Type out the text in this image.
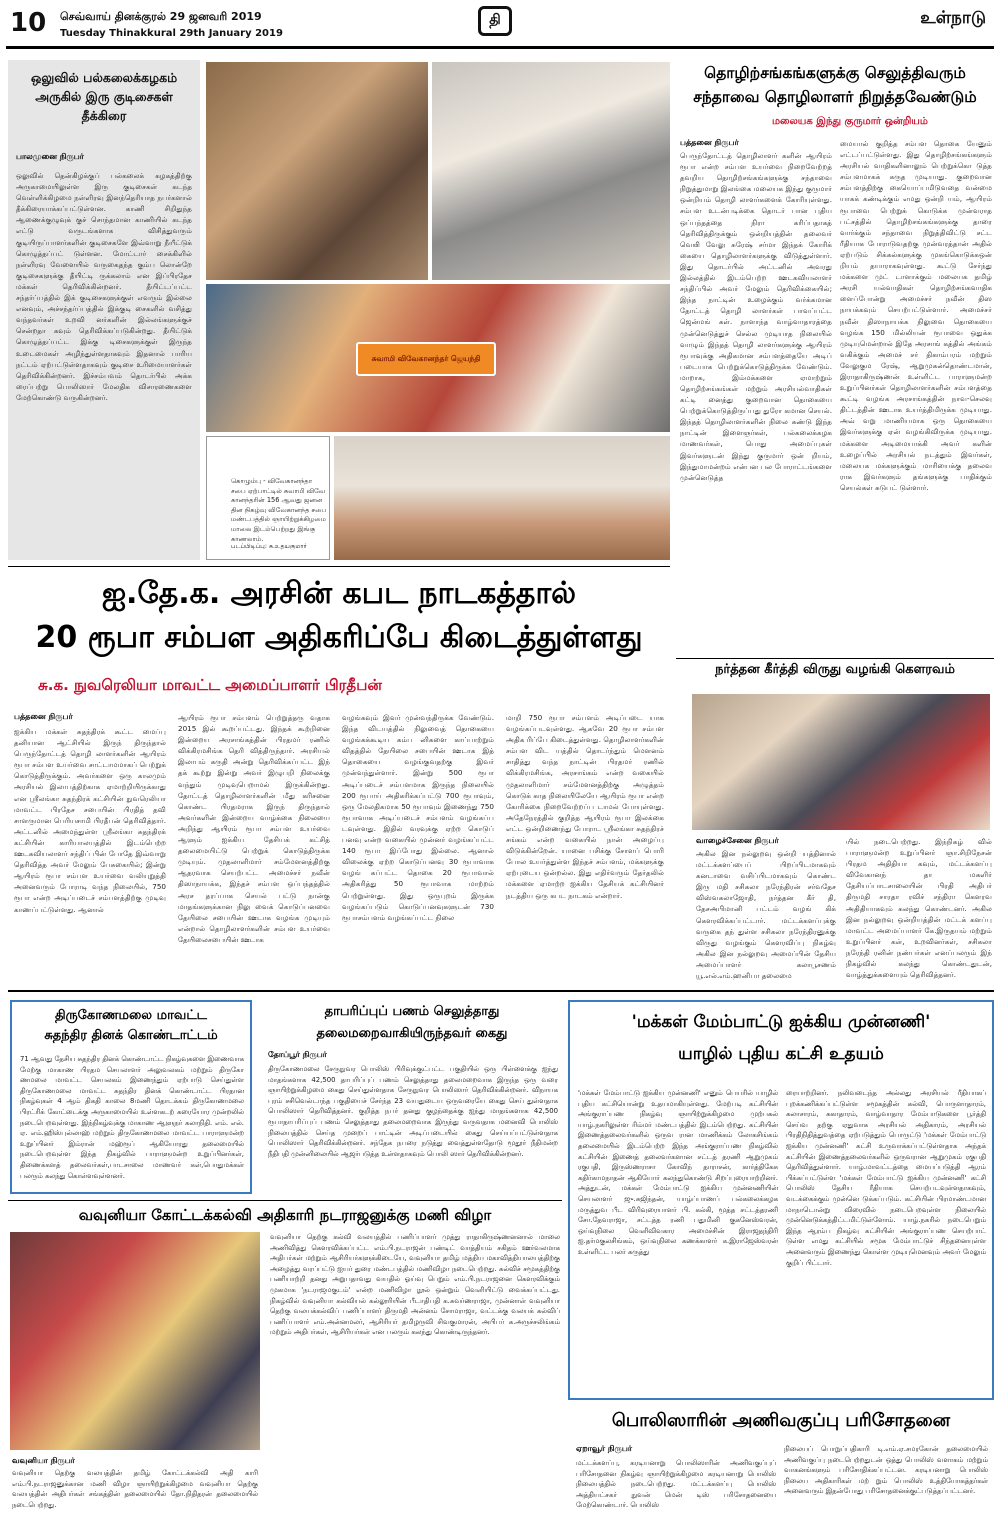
10 செவ்வாய் தினக்குரல் 29 ஜனவரி 2019
Tuesday Thinakkural 29th January 2019
தி	உள்நாடு
ஒலுவில் பல்கலைக்கழகம் அருகில் இரு குடிசைகள் தீக்கிரை
பாலமுனை நிருபர்
ஒலுவில் தென்கிழக்குப் பல்கலைக் கழகத்திற்கு அருகாமையிலுள்ள இரு குடிசைகள் கடந்த வெள்ளிக்கிழமை நள்ளிரவு இனந்தெரியாத நபர்களால் தீக்கிரையாக்கப்பட்டுள்ளன. காணி சிறிதுந்த ஆணைக்குழுவுக் குச் சொந்தமான காணியில் கடந்த எட்டு வருடங்களாக விசித்துவரும் குடியிருப்பாளர்களின் குடிசைகளே இவ்வாறு நீயீட்டுக் கொழுத்தப்பட் டுள்ளன. மோட்டார் சைக்கிளில் நள்ளிரவு வேளையில் வருகைதந்த கும்ப லொன்றே குடிசைகளுக்கு தீயிட்டி ருக்கலாம் என இப்பிரதேச மக்கள் தெரிவிக்கின்றனர். தீயிட்டப்பட்ட சந்தர்ப்பத்தில் இக் குடிசைகளுக்குள் எவரும் இல்லை எனவும், அச்சந்தர்ப்பத்தில் இக்குடி சைகளில் வசித்து வந்தவர்கள் உறவி னர்களின் இல்லங்களுக்குச் சென்றதா கவும் தெரிவிக்கப்படுகின்றது. தீயிட்டுக் கொழுத்தப்பட்ட இக்கு டிசைகளுக்குள் இருந்த உடைமைகள் அழிந்துள்ளதாகவும் இதனால் பாரிய நட்டம் ஏற்பட்டுள்ளதாகவும் குடிசை உரிமையாளர்கள் தெரிவிக்கின்றனர். இச்சம்பவம் தொடர்பில் அக்க ரைப்பற்று பொலிஸார் மேலதிக விசாரணைகளை மேற்கொண்டு வருகின்றனர்.
சுவாமி விவேகானந்தர் ஜெயந்தி
கொழும்பு - விவேகானந்தா சபை ஏற்பாட்டில் சுவாமி விவே கானந்தரின் 156 ஆவது ஜனன தின நிகழ்வு விவேகானந்த சபை மண்டபத்தில் ஞாயிற்றுக்கிழமை மாலை இடம்பெற்றது இங்கு காணலாம்.
படப்பிடிப்பு: சு.உதயகுமார்
தொழிற்சங்கங்களுக்கு செலுத்திவரும்
சந்தாவை தொழிலாளர் நிறுத்தவேண்டும்
மலையக இந்து குருமார் ஒன்றியம்
பத்தனை நிருபர்
பெருந்தோட்டத் தொழிலாளர் களின் ஆயிரம் ரூபா என்ற சம்பள உயர்வை நிறைவேற்றத் தவறிய தொழிற்சங்கங்களுக்கு சந்தாவை நிறுத்துமாறு இலங்கை மலையக இந்து குருமார் ஒன்றியம் தொழி லாளர்களைக் கோரியுள்ளது. சம்பள உடன்படிக்கை தொடர் பான புதிய ஒப்பந்தத்தை நிரா கரிப்பதாகத் தெரிவித்திருக்கும் ஒன்றியத்தின் தலைவர் வெஙி வேலு சுரேஷ் சர்மா இந்தக் கோரிக் கையை தொழிலாளர்களுக்கு விடுத்துள்ளார். இது தொடர்பில் அட்டனில் அவரது இல்லத்தில் இடம்பெற்ற ஊடகவியலாளர் சந்திப்பில் அவர் மேலும் தெரிவிக்கையில்; இந்த நாட்டின் உழைக்கும் வர்க்கமான தோட்டத் தொழி லாளர்கள் பாவப்பட்ட ஜென்மங் கள். நாளாந்த வாழ்வாதாரத்தை முன்னெடுத்துச் செல்ல முடியாத நிலையில் வாழும் இந்தத் தொழி லாளர்களுக்கு ஆயிரம் ரூபாவுக்கு அதிகமான சம்பளத்தையே அடிப் படையாக பெற்றுக்கொடுத்திருக்க வேண்டும். மாறாக, இம்மக்களை ஏமாற்றும் தொழிற்சங்கங்கள் மற்றும் அரசியல்வாதிகள் கட்டி னைத்து குறைவான தொகையை பெற்றுக்கொடுத்திருப்பது துரோ கமான செயல். இந்தத் தொழிலாளர்களின் நிலை கண்டு இந்த நாட்டின் இளைஞர்கள், பல்கலைக்கழக மாணவர்கள், பொது அமைப்புகள் இவர்களுடன் இந்து குருமார் ஒன் றியம், இந்துமாமன்றம் என்பன பல போராட்டங்களை முன்னெடுத்த
மையால் குறித்த சம்பள தொகை யேனும் எட்டப்பட்டுள்ளது. இது தொழிற்சங்கங்களும் அரசியல் வாதிகளினாலும் பெற்றுக்கொ டுத்த சம்பளமாகக் கருத முடியாது. குறைவான சம்பளத்திற்கு கையொப்பமிடுவதை வன்மை யாகக் கண்டிக்கும் எமது ஒன்றி யம், ஆயிரம் ரூபாவை பெற்றுக் கொடுக்க முன்வராத பட்சத்தில் தொழிற்சங்கங்களுக்கு தாரை வார்க்கும் சந்தாவை நிறுத்திவிட்டு சட்ட ரீதியாக போராடுவதற்கு முன்வரத்தான் அதில் ஏற்படும் சிக்கல்களுக்கு முகங்கொடுக்கஒன் றியம் தயாராகவுள்ளது. கூட்டு சேர்ந்து மக்களை முட் டாளாக்கும் மலையக தமிழ் அரசி யல்வாதிகள் தொழிற்சங்கவாதிக ளைப்போன்று அமைச்சர் நவீன் திஸ நாயக்கவும் செயற்பட்டுள்ளார். அமைச்சர் நவீன் திஸாநாயக்க நிலுவை தொகையை வழங்க 150 மில்லியன் ரூபாவை ஒதுக்க முடியுமென்றால் இதே அரசாங் கத்தில் அங்கம் வகிக்கும் அமைச் சர் திகாம்பரம் மற்றும் வேலுகும ரேஷ், ஆறுமுகன்தொண்டமான், இராதாகிருஷ்ணன் உள்ளிட்ட பாராளுமன்ற உறுப்பினர்கள் தொழிலாளர்களின் சம்பளத்தை கூட்டி வழங்க அரசாங்கத்தின் நாவ-செலவு திட்டத்தின் ஊடாக உயர்த்திமிருக்க முடியாது. அவ் வறு மாணியமாக ஒரு தொகையை இவர்களுக்கு ஏன் வழங்கிவிருக்க முடியாது. மக்களை அடிமையாக்கி அவர் களின் உழைப்பில் அரசியல் நடத்தும் இவர்கள், மலையக மக்களுக்கும் மாரியைக்கு தலைவ ராக இவர்களும் தங்களுக்கு பாதிக்கும் செயல்கள் சுடுபட் டுள்ளார்.
ஐ.தே.க. அரசின் கபட நாடகத்தால்
20 ரூபா சம்பள அதிகரிப்பே கிடைத்துள்ளது
சு.க. நுவரெலியா மாவட்ட அமைப்பாளர் பிரதீபன்
பத்தனை நிருபர்
ஐக்கிய மக்கள் சுதந்திரக் கூட்ட மைப்பு தனியான ஆட்சியில் இருந் திருந்தால் பெருந்தோட்டத் தொழி லாளர்களின் ஆயிரம் ரூபா சம்பள உயர்வை சாட்டாமமாகப் பெற்றுக் கொடுத்திருக்கும். அவர்களை ஒரு காலமும் அரசியல் இலாபத்திற்காக ஏமாற்றியிருக்காது என ஸ்ரீலங்கா சுதந்திரக் கட்சியின் நுவரெலியா மாவட்ட பிரதேச சபையின் பிரதித் தவி சாளருமான பெரியசாமி பிரதீபன் தெரிவித்தார். அட்டனில் அமைந்துள்ள ஸ்ரீலங்கா சுதந்திரக் கட்சியின் காரியாலயத்தில் இடம்பெற்ற ஊடகவியலாளர் சந்திப் பின் போதே இவ்வாறு தெரிவித்த அவர் மேலும் பேசுகையில்; இன்று ஆயிரம் ரூபா சம்பள உயர்வை வலியுறுத்தி அனைவரும் போராடி வந்த நிலையில், 750 ரூபா என்ற அடிப்படைச் சம்பளத்திற்கு முடிவு காணப்பட்டுள்ளது. ஆனால்
ஆயிரம் ரூபா சம்பளம் பெற்றுத்தரு வதாக 2015 இல் கூறப்பட்டது. இந்தக் கூற்றினை இன்றைய அரசாங்கத்தின் பிரதமர் ரணில் விக்கிரமசிங்க தெரி வித்திருந்தார். அரசியல் இலாபம் கருதி அன்று தெரிவிக்கப்பட்ட இந் தக் கூற்று இன்று அவர் இழுபறி நிலைக்கு வந்தும் முடிவுபெறாமல் இருக்கின்றது. தோட்டத் தொழிலாளர்களின் மீது கரிசனை கொண்ட பிரதமராக இருந் திருந்தால் அவர்களின் இன்றைய வாழ்க்கை நிலையை அறிந்து ஆயிரம் ரூபா சம்பள உயர்வை ஆளும் ஐக்கிய தேசியக் கட்சித் தலைமையிட்டு பெற்றுக் கொடுத்திருக்க முடியும். முதலாளிமார் சம்மேளனத்திற்கு ஆதரவாக செயற்பட்ட அமைச்சர் நவீன் திஸாநாயக்க, இந்தச் சம்பள ஒப்பந்தத்தில் அரச தரப்பாக செயல் பட்டு நான்கு மாதங்களுக்கான நிலு வைக் கொடுப்பனவை தேயிலை சபையின் ஊடாக வழங்க முடியும் என்றால் தொழிலாளர்களின் சம்பள உயர்வை தேயிலைசபையின் ஊடாக
வழங்கவும் இவர் முன்வந்திருக்க வேண்டும். இந்த விடயத்தில் நிலுவைத் தொகையை வழங்கக்கூடிய கம்ப னிகளை காப்பாற்றும் விதத்தில் தேயிலை சபையின் ஊடாக இத் தொகையை வழங்குவதற்கு இவர் முன்வந்துள்ளார். இன்று 500 ரூபா அடிப்படைச் சம்பளமாக இருந்த நிலையில் 200 ரூபாய் அதிகரிக்கப்பட்டு 700 ரூபாவும், ஒரு மேலதிகமாக 50 ரூபாவும் இணைந்து 750 ரூபாவாக அடிப்படைச் சம்பளம் வழங்கப்ப டவுள்ளது. இதில் வரவுக்கு ஏற்ற கொடுப் பனவு என்ற வகையில் முன்னர் வழங்கப்பட்ட 140 ரூபா இப்போது இல்லை. ஆனால் விலைக்கு ஏற்ற கொடுப்பனவு 30 ரூபாவாக வழங் கப்பட்ட தொகை 20 ரூபாவால் அதிகரித்து 50 ரூபாவாக மாற்றம் பெற்றுள்ளது. இது ஒருபுறம் இருக்க வழங்கப்படும் கொடுப்பனவுகளுடன் 730 ரூபாசம்பளம் வழங்கப்பட்ட நிலை
மாறி 750 ரூபா சம்பளம் அடிப்படை யாக வழங்கப்படவுள்ளது. ஆகவே 20 ரூபா சம்பள அதிக ரிப்பே கிடைத்துள்ளது. தொழிலாளர்களின் சம்பள விட யத்தில் தொடர்ந்தும் மௌனம் சாதித்து வந்த நாட்டின் பிரதமர் ரணில் விக்கிரமசிங்க, அரசாங்கம் என்ற வகையில் முதலாளிமார் சம்மேளனத்திற்கு அழுத்தம் கொடுக் காத நிலையிலேயே ஆயிரம் ரூபா என்ற கோரிக்கை நிறைவேற்றப்ப டாமல் போயுள்ளது. அதேநேரத்தில் குறித்த ஆயிரம் ரூபா இலக்கை எட்ட ஒன்றிணைந்து போராட ஸ்ரீலங்கா சுதந்திரச் சங்கம் என்ற வகையில் நான் அழைப்பு விடுக்கின்றேன். யானை பசிக்கு சோளப் பொரி போல உயர்த்துள்ள இந்தச் சம்பளம், மக்களுக்கு ஏற்புடைய ஒன்றல்ல. இது எதிர்வரும் தேர்தலில் மக்களை ஏமாற்ற ஐக்கிய தேசியக் கட்சியினர் நடத்திய ஒரு கபட நாடகம் என்றார்.
நர்த்தன கீர்த்தி விருது வழங்கி கௌரவம்
வாழைச்சேனை நிருபர்
அகில இன நல்லுறவு ஒன்றி யத்தினால் மட்டக்களப்பைப் பிறப்பிடமாகவும் கனடாவை வசிப்பிடமாகவும் கொண்ட இரு மதி சசிகலா நரேந்திரன் சர்வதேச விஸ்வகலாஜோதி, நர்த்தன கீர் தி, தேசஅபிமானி பட்டம் வழங் கிக் கௌரவிக்கப்பட்டார். மட்டக்களப்புக்கு வருகை தந் துள்ள சசிகலா நரேந்திரனுக்கு விருது வழங்கும் கௌரவிப்பு நிகழ்வு அகில இன நல்லுறவு அமைப்பின் தேசிய அமைப்பாளர் கலாபூசணம் யூ.எல்.எம்.ஹனிபா தலைமை
யில் நடைபெற்றது. இந்நிகழ் வில் பாராளுமன்ற உறுப்பினர் ஞா.சிறிநேசன் பிரதம அதிதியா கவும், மட்டக்களப்பு விவேகானந் தா மகளிர் தேசியப்பாடசாலையின் பிரதி அதிபர் திருமதி சாரதா ரவிச் சந்திரா கௌரவ அதிதியாகவும் கலந்து கொண்டனர். அகில இன நல்லுறவு ஒன்றியத்தின் மட்டக் களப்பு மாவட்ட அமைப்பாளர் கே.இருதயம் மற்றும் உறுப்பினர் கள், உறவினர்கள், சசிகலா நரேந்தி ரனின் நண்பர்கள் எனப்பலரும் இந் நிகழ்வில் கலந்து கொண்டதுடன், வாழ்த்துக்களையும் தெரிவித்தனர்.
திருகோணமலை மாவட்ட
சுதந்திர தினக் கொண்டாட்டம்
71 ஆவது தேசிய சுதந்திர தினக் கொண்டாட்ட நிகழ்வுகளை இணைவாக மேற்கு மாகாண பிரதம செயலாளர் அலுவலகம் மற்றும் திருகோ ணமலை மாவட்ட செயலகம் இணைந்தும் ஏற்பாடு செய்துள்ள திருகோணமலை மாவட்ட சுதந்திர தினக் கொண்டாட்ட பிரதான நிகழ்வுகள் 4 ஆம் திகதி காலை 8மணி தொடக்கம் திருகோணமலை பிரட்ரிக் கோட்டைக்கு அருகாமையில் உள்ளகடற் கரையோர முன்றலில் நடைபெறவுள்ளது. இந்நிகழ்வுக்கு மாகாண ஆளுநர் கலாநிதி. எம். எல். ஏ. எம்.ஹிஸ்புல்லாஹ் மற்றும் திருகோணமலை மாவட்ட பாராளுமன்ற உறுப்பினர் இம்ரான் மஹ்ரூப் ஆகியோரது தலைமையில் நடைபெறவுள்ள இந்த நிகழ்வில் பாராளுமன்ற உறுப்பினர்கள், திணைக்களத் தலைவர்கள்,பாடசாலை மாணவர் கள்,பொதுமக்கள் பலரும் கலந்து கொள்ளவுள்ளனர்.
தாபரிப்புப் பணம் செலுத்தாது
தலைமறைவாகியிருந்தவர் கைது
தோப்பூர் நிருபர்
திருகோணமலை சேருநுவர பொலிஸ் பிரிவுக்குட்பட்ட பகுதியில் ஒரு பிள்ளைக்கு ஐந்து மாதங்களாக 42,500 தாபரிப்புப் பணம் செலுத்தாது தலைமறைவாக இருந்த ஒரு வரை ஞாயிற்றுக்கிழமை கைது செய்துள்ளதாக சேருநுவர பொலிஸார் தெரிவிக்கின்றனர். விநாயக புரம் சசிவெல்டாந்த பகுதியைச் சேர்ந்த 23 வயதுடைய ஒருவரையே கைது செய் துள்ளதாக பொலிஸார் தெரிவித்தனர். குறித்த நபர் தனது குழந்தைக்கு ஐந்து மாதங்களாக 42,500 ரூபாதாபரிப்புப் பணம் செலுத்தாது தலைமறைவாக இருந்து வருவதாக மனைவி பொலிஸ் நிலையத்தில் செய்த முறைப் பாட்டின் அடிப்படையில் கைது செய்யப்பட்டுள்ளதாக பொலிஸார் தெரிவிக்கின்றனர். சந்தேக நபரை நடுத்து வைத்துள்ளதோடு மூதூர் நீதிமன்ற நீதிபதி முன்னிலையில் ஆஜர்படுத்த உள்ளதாகவும் பொலி ஸார் தெரிவிக்கின்றனர்.
'மக்கள் மேம்பாட்டு ஐக்கிய முன்னணி'
யாழில் புதிய கட்சி உதயம்
'மக்கள் மேம்பாட்டு ஐக்கிய முன்னணி' எனும் பெயரில் யாழில் புதிய கட்சியொன்று உதயமாகியுள்ளது. மேற்படி கட்சியின் அங்குராப்பண நிகழ்வு ஞாயிற்றுக்கிழமை முற்பகல் யாழ்.நகரிலுள்ள ரிம்மர் மண்டபத்தில் இடம்பெற்றது. கட்சியின் இணைத்தலைவர்களில் ஒருவ ரான மாணிக்கம் லோகசிங்கம் தலைமையில் இடம்பெற்ற இந்த அங்குராப்பண நிகழ்வில் கட்சியின் இணைத் தலைவர்களான சட்டத் தரணி ஆறுமுகம் ரகுபதி, இருஸ்ணராசா கோவிந் தாராசன், கார்த்திகேசு கதிர்காமநாதன் ஆகியோர் கலந்துகொண்டு சிறப்புரையாற்றினர். அத்துடன், மக்கள் மேம்பாட்டு ஐக்கிய முன்னணியின் செயலாளர் ஜு.சுஜிந்தன், யாழ்ப்பாணப் பல்கலைக்கழக மருத்துவ பீட விரிவுரையாளர் பி. கல்கி, மூத்த சட்டத்தரணி சோ.தேவராஜா, சட்டத்த ரணி பதுமினி குகனேஸ்வரன், ஒய்வுநிலை வெளிவிவகார அமைச்சின் இராஜதந்திரி ஐ.தர்மகுலசிங்கம், ஒய்வுநிலை கணக்காளர் க.இராஜேஸ்வரன் உள்ளிட்ட பலர் கருத்து
ரையாற்றினர். நலிவடைந்த அல்லது அரசியல் ரீதியாகப் புறக்கணிக்கப்பட்டுள்ள சமூகத்தின் கல்வி, பொருளாதாரம், கலாசாரம், சுகாதாரம், வாழ்வாதார மேம்பாடுகளை பூர்த்தி செய்வ தற்கு ஏதுவாக அரசியல் அதிகாரம், அரசியல் பிரதிநிதித்துவத்தை ஏற்படுத்தும் பொருட்டு 'மக்கள் மேம்பாட்டு ஐக்கிய முன்னணி' கட்சி உருவாக்கப்பட்டுள்ளதாக அந்தக் கட்சியின் இணைத்தலைவர்களில் ஒருவரான ஆறுமுகம் ரகுபதி தெரிவித்துள்ளார். யாழ்.மாவட்டத்தை மையப்படுத்தி ஆரம் பிக்கப்பட்டுள்ள 'மக்கள் மேம்பாட்டு ஐக்கிய முன்னணி' கட்சி பொலிஸ் தேசிய ரீதியாக செயற்படவுள்ளதாகவும், வடக்கைக்கும் முன்னெ டுக்கப்படும். கட்சியின் பிரமாண்டமான மாநாடொன்று விரைவில் நடைபெறவுள்ள நிலையில் முன்னெடுக்கத்திட்டமிட்டுள்ளோம். யாழ்.நகரில் நடைபெறும் இந்த ஆரம்ப நிகழ்வு கட்சியின் அங்குராப்பண செயற்பாட் டுள்ள எமது கட்சியில் சமூக மேம்பாட்டுச் சிந்தனையுள்ள அனைவரும் இணைந்து கொள்ள முடியுமெனவும் அவர் மேலும் குறிப் பிட்டார்.
வவுனியா கோட்டக்கல்வி அதிகாரி நடராஜனுக்கு மணி விழா
வவுனியா நிருபர்
வவுனியா தெற்கு வலயத்தின் தமிழ் கோட்டக்கல்வி அதி காரி எம்.பி.நடராஜனுக்கான மணி விழா ஞாயிற்றுக்கிழமை வவுனியா தெற்கு வலயத்தின் அதிபர்கள் சங்கத்தின் தலைமையில் தோ.நிதிதரன் தலைமையில் நடைபெற்றது.
வவுனியா தெற்கு கல்வி வலயத்தில் பணிப்பாளர் முத்து ராதாகிருஷ்ணனனால் மாலை அணிவித்து கௌரவிக்கப்பட்ட எம்.பி.நடராஜன் பண்டிட் வாத்தியம் சகிதம் ஊர்வலமாக அதிபர்கள் மற்றும் ஆசிரியர்களுக்கிடையே, வவுனியா தமிழ் மத்திய மகாவித்தியாலயத்திற்கு அழைத்து வரப்பட்டு ஐயர் துரை மண்டபத்தில் மணிவிழா நடைபெற்றது. கல்விச் சமூகத்திற்கு பணியாற்றி தனது அறுபதாவது வயதில் ஓய்வு பெறும் எம்.பி.நடராஜனை கௌரவிக்கும் முகமாக 'நடராஜமகுடம்' என்ற மணிவிழா நூல் ஒன்றும் வெளியிட்டு வைக்கப்பட்டது. நிகழ்வில் வவுனியா கல்வியல் கல்லூரியின் பீடாதிபதி க.சுவர்ணராஜா, முன்னாள் வவுனியா தெற்கு வலயக்கல்விப் பணிப்பாளர் திருமதி அன்னம் சோமராஜா, வட்டக்கு வலயக் கல்விப் பணிப்பாளர் எம்.அன்னமலர், ஆசிரியர் தமிழருவி சிவகுமாரன், அபிபர் க.அருச்சலிங்கம் மற்றும் அதிபர்கள், ஆசிரியர்கள் என பலரும் கலந்து கொண்டிருந்தனர்.
பொலிஸாரின் அணிவகுப்பு பரிசோதனை
ஏறாவூர் நிருபர்
மட்டக்களப்பு, கரடியனாறு பொலிஸாரின் அணிவகுப்புப் பரிசோதனை நிகழ்வு ஞாயிற்றுக்கிழமை கரடியனாறு பொலிஸ் நிலையத்தில் நடைபெற்றது. மட்டக்களப்பு பொலிஸ் அத்தியட்சகர் நுவன் மென் டிஸ் பரிசோதனையை மேற்கொண்டார். பொலிஸ்
நிலையப் பொறுப்பதிகாரி டி.எம்.ஏ.சமரகோன் தலைமையில் அணிவகுப்பு நடைபெற்றதுடன் ஒத்து பொலிஸ் வளாகம் மற்றும் வாகனங்களும் பரிசோதிக்கப்பட்டன. கரடியனாறு பொலிஸ் நிலைய அதிகாரிகள் மற் றும் பொலிஸ் உத்தியோகத்தர்கள் அனைவரும் இதன்போது பரிசோதனைக்குட்படுத்தப்பட்டனர்.
